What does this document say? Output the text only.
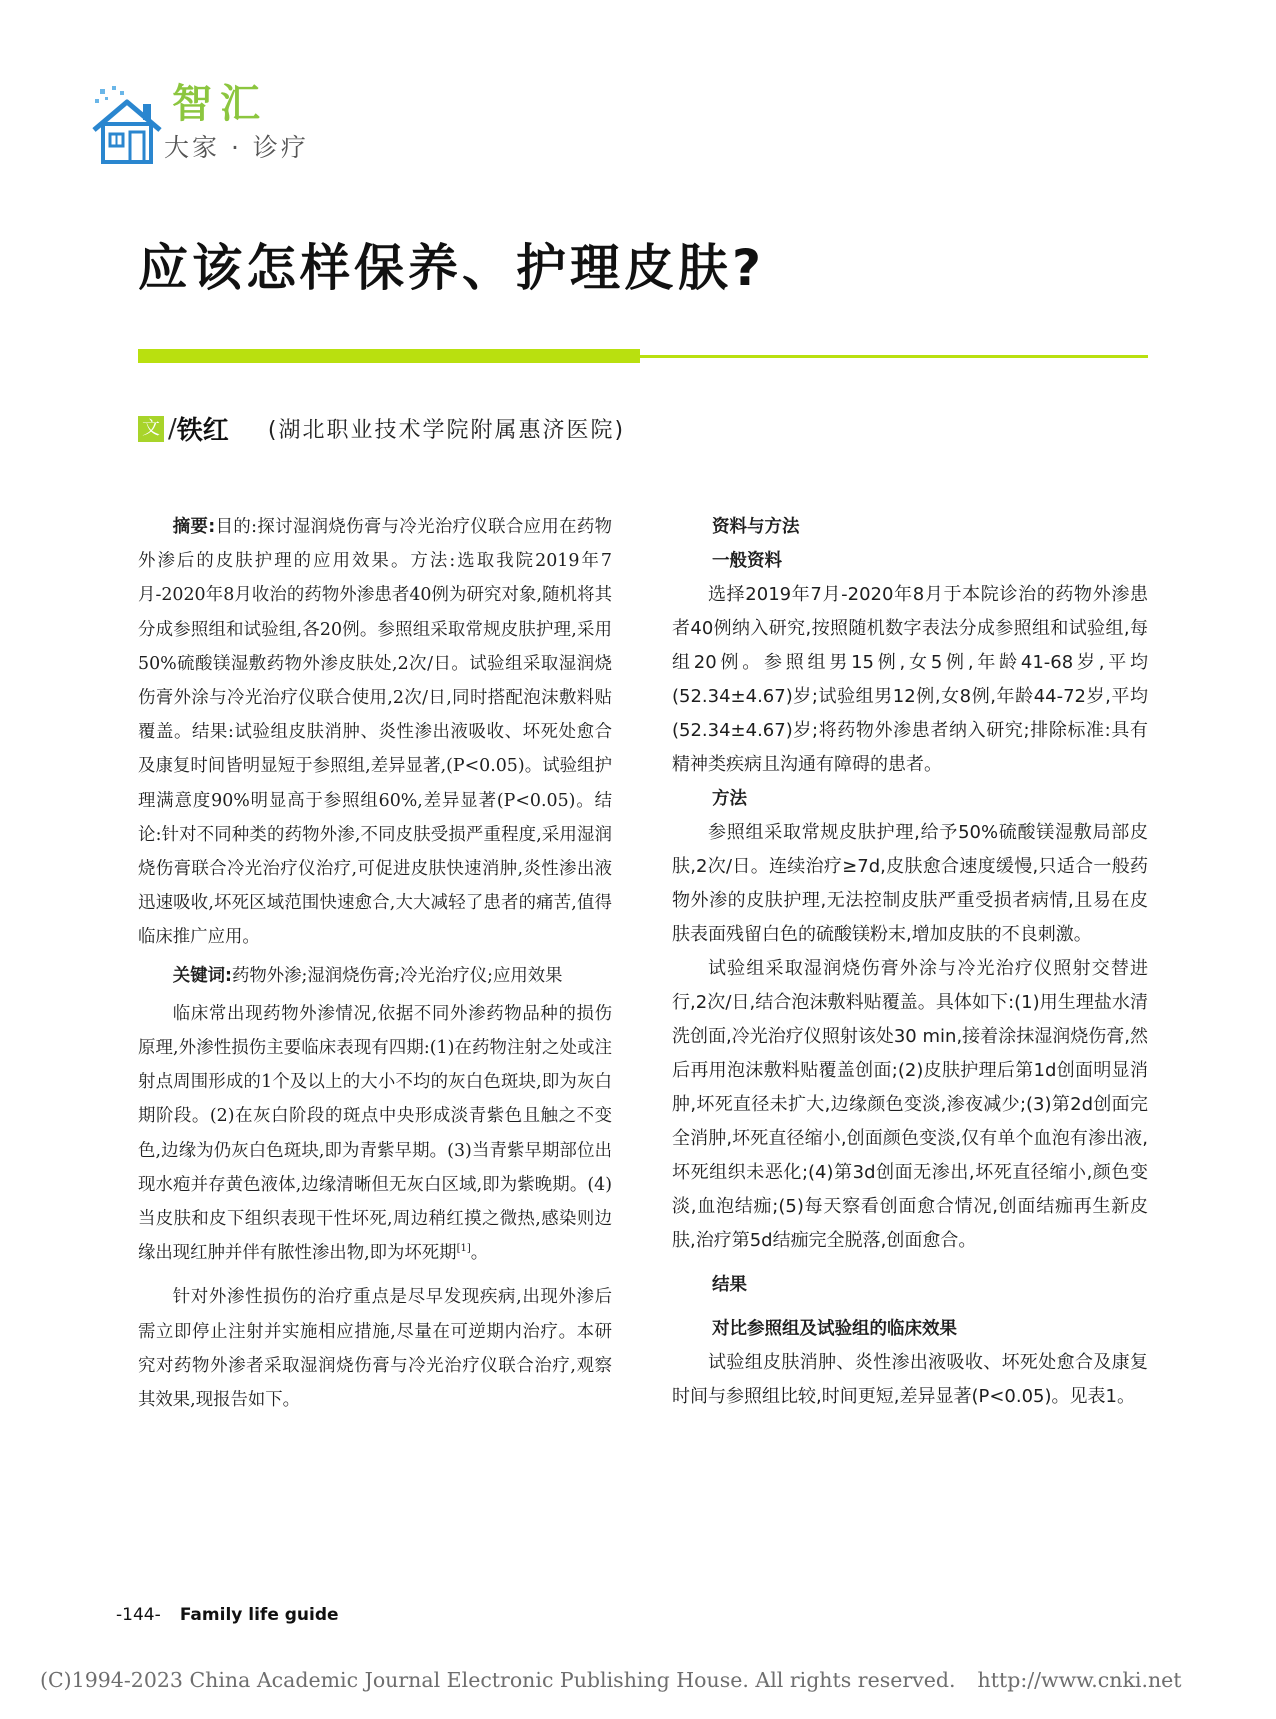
智汇
大家 · 诊疗
应该怎样保养、护理皮肤?
文 /铁红 (湖北职业技术学院附属惠济医院)

摘要:目的:探讨湿润烧伤膏与冷光治疗仪联合应用在药物外渗后的皮肤护理的应用效果。方法:选取我院2019年7月-2020年8月收治的药物外渗患者40例为研究对象,随机将其分成参照组和试验组,各20例。参照组采取常规皮肤护理,采用50%硫酸镁湿敷药物外渗皮肤处,2次/日。试验组采取湿润烧伤膏外涂与冷光治疗仪联合使用,2次/日,同时搭配泡沫敷料贴覆盖。结果:试验组皮肤消肿、炎性渗出液吸收、坏死处愈合及康复时间皆明显短于参照组,差异显著,(P<0.05)。试验组护理满意度90%明显高于参照组60%,差异显著(P<0.05)。结论:针对不同种类的药物外渗,不同皮肤受损严重程度,采用湿润烧伤膏联合冷光治疗仪治疗,可促进皮肤快速消肿,炎性渗出液迅速吸收,坏死区域范围快速愈合,大大减轻了患者的痛苦,值得临床推广应用。

关键词:药物外渗;湿润烧伤膏;冷光治疗仪;应用效果

临床常出现药物外渗情况,依据不同外渗药物品种的损伤原理,外渗性损伤主要临床表现有四期:(1)在药物注射之处或注射点周围形成的1个及以上的大小不均的灰白色斑块,即为灰白期阶段。(2)在灰白阶段的斑点中央形成淡青紫色且触之不变色,边缘为仍灰白色斑块,即为青紫早期。(3)当青紫早期部位出现水疱并存黄色液体,边缘清晰但无灰白区域,即为紫晚期。(4)当皮肤和皮下组织表现干性坏死,周边稍红摸之微热,感染则边缘出现红肿并伴有脓性渗出物,即为坏死期[1]。

针对外渗性损伤的治疗重点是尽早发现疾病,出现外渗后需立即停止注射并实施相应措施,尽量在可逆期内治疗。本研究对药物外渗者采取湿润烧伤膏与冷光治疗仪联合治疗,观察其效果,现报告如下。

资料与方法

一般资料

选择2019年7月-2020年8月于本院诊治的药物外渗患者40例纳入研究,按照随机数字表法分成参照组和试验组,每组20例。参照组男15例,女5例,年龄41-68岁,平均(52.34±4.67)岁;试验组男12例,女8例,年龄44-72岁,平均(52.34±4.67)岁;将药物外渗患者纳入研究;排除标准:具有精神类疾病且沟通有障碍的患者。

方法

参照组采取常规皮肤护理,给予50%硫酸镁湿敷局部皮肤,2次/日。连续治疗≥7d,皮肤愈合速度缓慢,只适合一般药物外渗的皮肤护理,无法控制皮肤严重受损者病情,且易在皮肤表面残留白色的硫酸镁粉末,增加皮肤的不良刺激。

试验组采取湿润烧伤膏外涂与冷光治疗仪照射交替进行,2次/日,结合泡沫敷料贴覆盖。具体如下:(1)用生理盐水清洗创面,冷光治疗仪照射该处30 min,接着涂抹湿润烧伤膏,然后再用泡沫敷料贴覆盖创面;(2)皮肤护理后第1d创面明显消肿,坏死直径未扩大,边缘颜色变淡,渗夜减少;(3)第2d创面完全消肿,坏死直径缩小,创面颜色变淡,仅有单个血泡有渗出液,坏死组织未恶化;(4)第3d创面无渗出,坏死直径缩小,颜色变淡,血泡结痂;(5)每天察看创面愈合情况,创面结痂再生新皮肤,治疗第5d结痂完全脱落,创面愈合。

结果

对比参照组及试验组的临床效果

试验组皮肤消肿、炎性渗出液吸收、坏死处愈合及康复时间与参照组比较,时间更短,差异显著(P<0.05)。见表1。

-144- Family life guide
(C)1994-2023 China Academic Journal Electronic Publishing House. All rights reserved. http://www.cnki.net
